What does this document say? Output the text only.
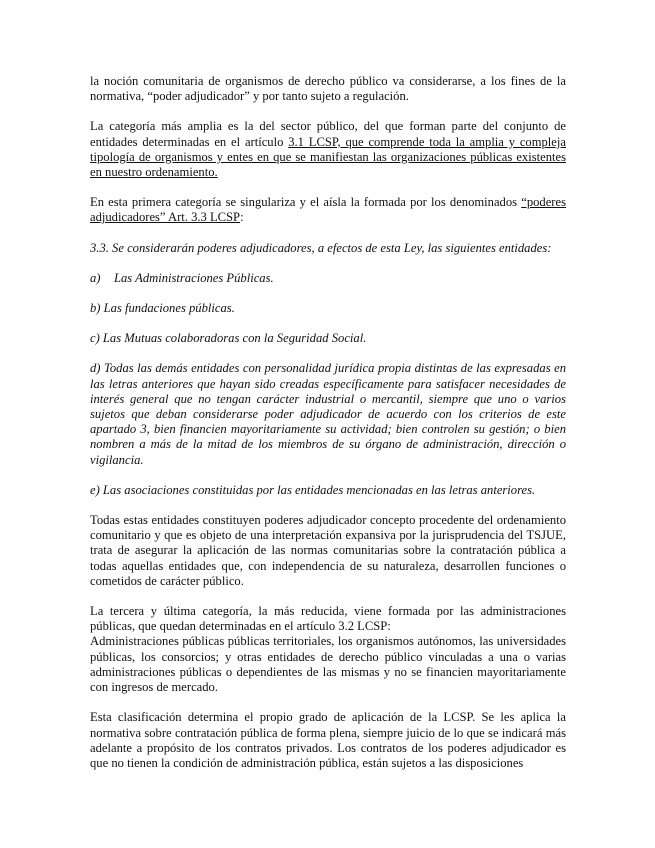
la noción comunitaria de organismos de derecho público va considerarse, a los fines de la normativa, “poder adjudicador” y por tanto sujeto a regulación.

La categoría más amplia es la del sector público, del que forman parte del conjunto de entidades determinadas en el artículo 3.1 LCSP, que comprende toda la amplia y compleja tipología de organismos y entes en que se manifiestan las organizaciones públicas existentes en nuestro ordenamiento.

En esta primera categoría se singulariza y el aísla la formada por los denominados “poderes adjudicadores” Art. 3.3 LCSP:

3.3. Se considerarán poderes adjudicadores, a efectos de esta Ley, las siguientes entidades:

a) Las Administraciones Públicas.

b) Las fundaciones públicas.

c) Las Mutuas colaboradoras con la Seguridad Social.

d) Todas las demás entidades con personalidad jurídica propia distintas de las expresadas en las letras anteriores que hayan sido creadas específicamente para satisfacer necesidades de interés general que no tengan carácter industrial o mercantil, siempre que uno o varios sujetos que deban considerarse poder adjudicador de acuerdo con los criterios de este apartado 3, bien financien mayoritariamente su actividad; bien controlen su gestión; o bien nombren a más de la mitad de los miembros de su órgano de administración, dirección o vigilancia.

e) Las asociaciones constituidas por las entidades mencionadas en las letras anteriores.

Todas estas entidades constituyen poderes adjudicador concepto procedente del ordenamiento comunitario y que es objeto de una interpretación expansiva por la jurisprudencia del TSJUE, trata de asegurar la aplicación de las normas comunitarias sobre la contratación pública a todas aquellas entidades que, con independencia de su naturaleza, desarrollen funciones o cometidos de carácter público.

La tercera y última categoría, la más reducida, viene formada por las administraciones públicas, que quedan determinadas en el artículo 3.2 LCSP:

Administraciones públicas públicas territoriales, los organismos autónomos, las universidades públicas, los consorcios; y otras entidades de derecho público vinculadas a una o varias administraciones públicas o dependientes de las mismas y no se financien mayoritariamente con ingresos de mercado.

Esta clasificación determina el propio grado de aplicación de la LCSP. Se les aplica la normativa sobre contratación pública de forma plena, siempre juicio de lo que se indicará más adelante a propósito de los contratos privados. Los contratos de los poderes adjudicador es que no tienen la condición de administración pública, están sujetos a las disposiciones
